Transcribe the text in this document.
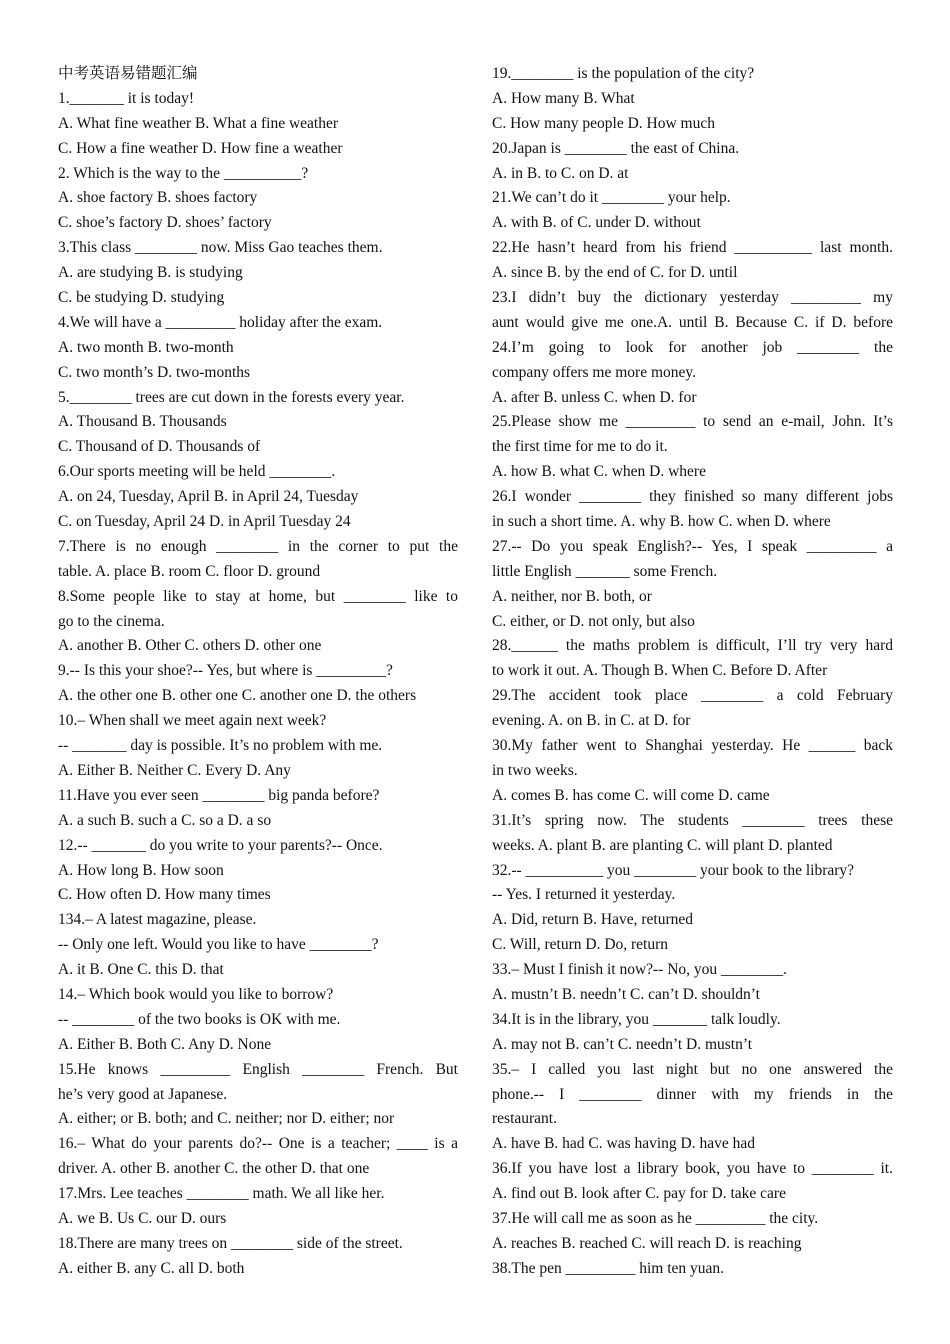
中考英语易错题汇编
1._______ it is today!
A. What fine weather B. What a fine weather
C. How a fine weather D. How fine a weather
2. Which is the way to the __________?
A. shoe factory B. shoes factory
C. shoe’s factory D. shoes’ factory
3.This class ________ now. Miss Gao teaches them.
A. are studying B. is studying
C. be studying D. studying
4.We will have a _________ holiday after the exam.
A. two month B. two-month
C. two month’s D. two-months
5.________ trees are cut down in the forests every year.
A. Thousand B. Thousands
C. Thousand of D. Thousands of
6.Our sports meeting will be held ________.
A. on 24, Tuesday, April B. in April 24, Tuesday
C. on Tuesday, April 24 D. in April Tuesday 24
7.There is no enough ________ in the corner to put the
table. A. place B. room C. floor D. ground
8.Some people like to stay at home, but ________ like to
go to the cinema.
A. another B. Other C. others D. other one
9.-- Is this your shoe?-- Yes, but where is _________?
A. the other one B. other one C. another one D. the others
10.– When shall we meet again next week?
-- _______ day is possible. It’s no problem with me.
A. Either B. Neither C. Every D. Any
11.Have you ever seen ________ big panda before?
A. a such B. such a C. so a D. a so
12.-- _______ do you write to your parents?-- Once.
A. How long B. How soon
C. How often D. How many times
134.– A latest magazine, please.
-- Only one left. Would you like to have ________?
A. it B. One C. this D. that
14.– Which book would you like to borrow?
-- ________ of the two books is OK with me.
A. Either B. Both C. Any D. None
15.He knows _________ English ________ French. But
he’s very good at Japanese.
A. either; or B. both; and C. neither; nor D. either; nor
16.– What do your parents do?-- One is a teacher; ____ is a
driver. A. other B. another C. the other D. that one
17.Mrs. Lee teaches ________ math. We all like her.
A. we B. Us C. our D. ours
18.There are many trees on ________ side of the street.
A. either B. any C. all D. both
19.________ is the population of the city?
A. How many B. What
C. How many people D. How much
20.Japan is ________ the east of China.
A. in B. to C. on D. at
21.We can’t do it ________ your help.
A. with B. of C. under D. without
22.He hasn’t heard from his friend __________ last month.
A. since B. by the end of C. for D. until
23.I didn’t buy the dictionary yesterday _________ my
aunt would give me one.A. until B. Because C. if D. before
24.I’m going to look for another job ________ the
company offers me more money.
A. after B. unless C. when D. for
25.Please show me _________ to send an e-mail, John. It’s
the first time for me to do it.
A. how B. what C. when D. where
26.I wonder ________ they finished so many different jobs
in such a short time. A. why B. how C. when D. where
27.-- Do you speak English?-- Yes, I speak _________ a
little English _______ some French.
A. neither, nor B. both, or
C. either, or D. not only, but also
28.______ the maths problem is difficult, I’ll try very hard
to work it out. A. Though B. When C. Before D. After
29.The accident took place ________ a cold February
evening. A. on B. in C. at D. for
30.My father went to Shanghai yesterday. He ______ back
in two weeks.
A. comes B. has come C. will come D. came
31.It’s spring now. The students ________ trees these
weeks. A. plant B. are planting C. will plant D. planted
32.-- __________ you ________ your book to the library?
-- Yes. I returned it yesterday.
A. Did, return B. Have, returned
C. Will, return D. Do, return
33.– Must I finish it now?-- No, you ________.
A. mustn’t B. needn’t C. can’t D. shouldn’t
34.It is in the library, you _______ talk loudly.
A. may not B. can’t C. needn’t D. mustn’t
35.– I called you last night but no one answered the
phone.-- I ________ dinner with my friends in the
restaurant.
A. have B. had C. was having D. have had
36.If you have lost a library book, you have to ________ it.
A. find out B. look after C. pay for D. take care
37.He will call me as soon as he _________ the city.
A. reaches B. reached C. will reach D. is reaching
38.The pen _________ him ten yuan.
